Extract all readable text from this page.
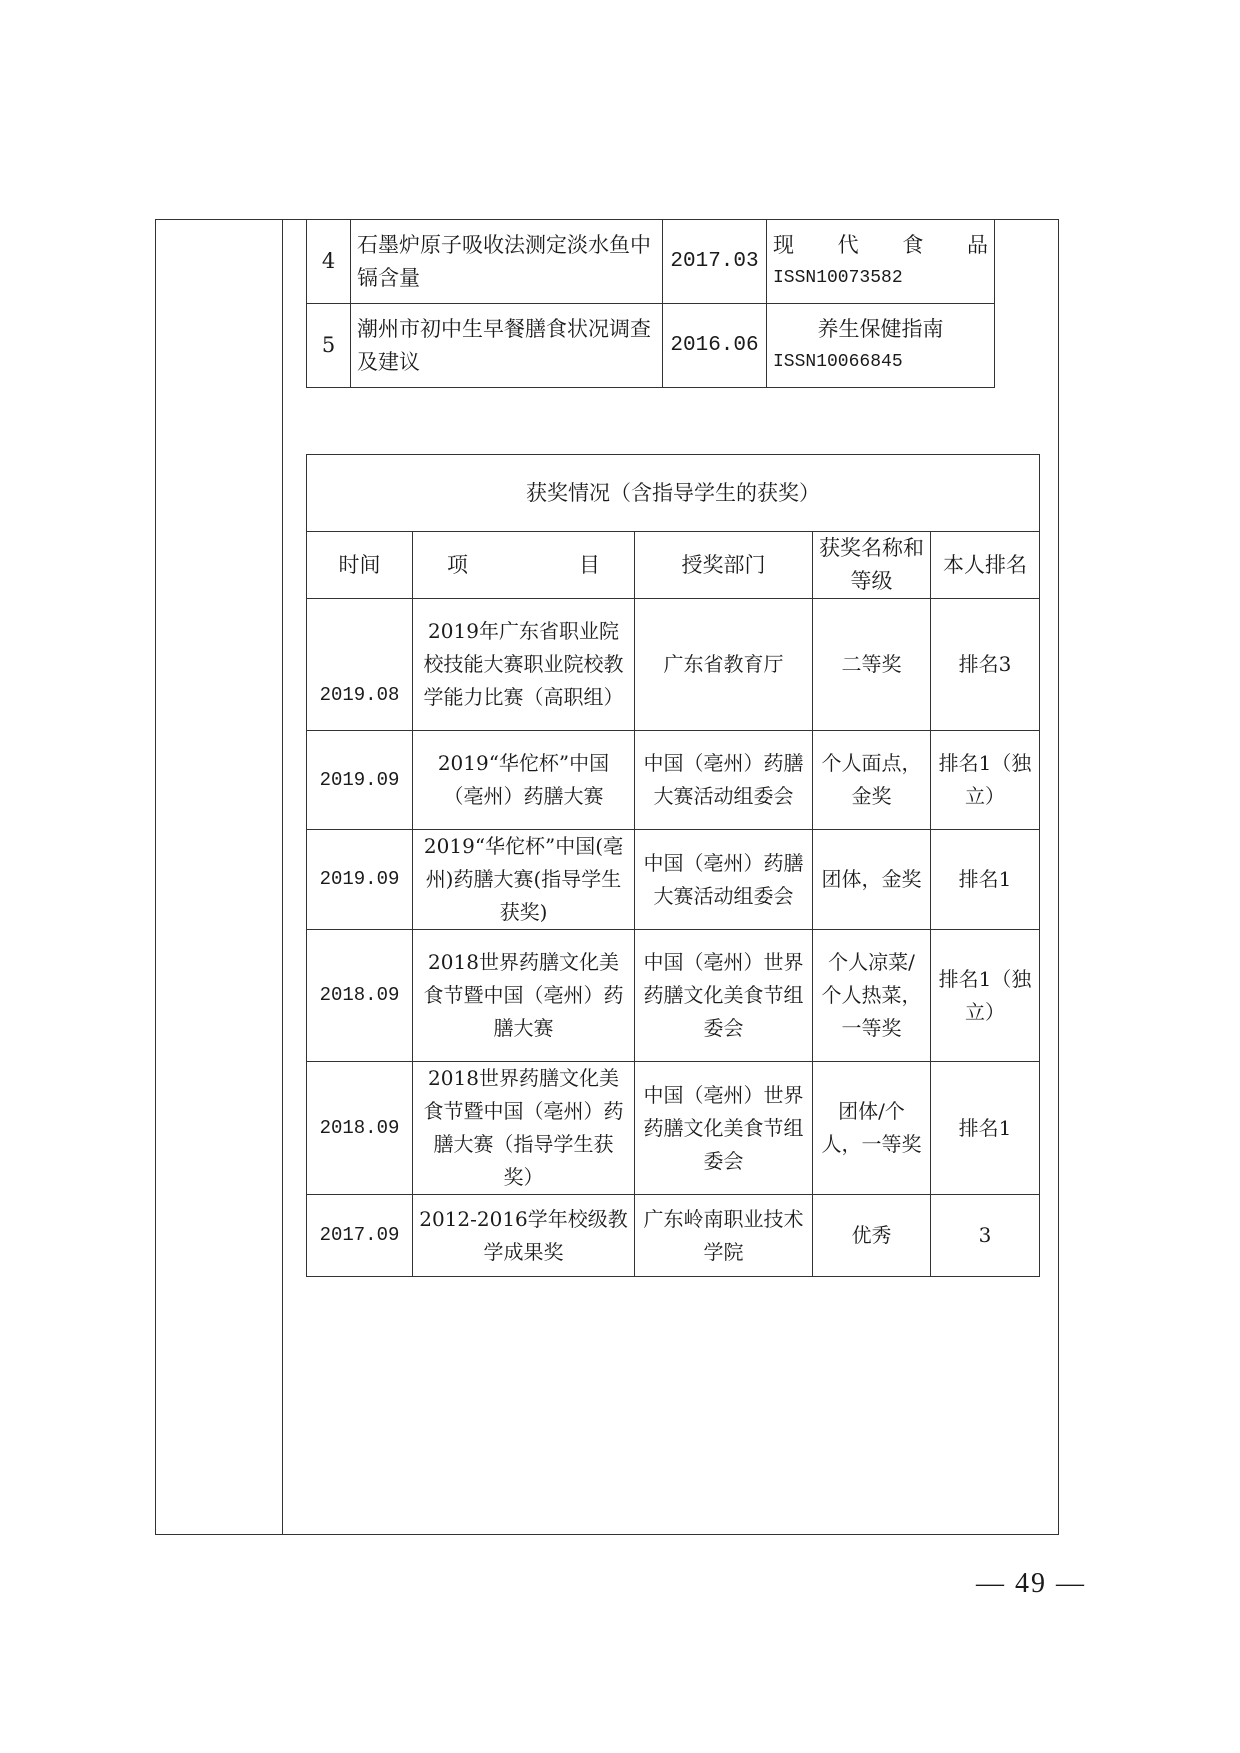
4	石墨炉原子吸收法测定淡水鱼中镉含量	2017.03	现 代 食 品
ISSN10073582

5	潮州市初中生早餐膳食状况调查及建议	2016.06	养生保健指南
ISSN10066845
获奖情况（含指导学生的获奖）				
时间	项 目	授奖部门	获奖名称和等级	本人排名
2019.08	2019年广东省职业院校技能大赛职业院校教学能力比赛（高职组）	广东省教育厅	二等奖	排名3
2019.09	2019“华佗杯”中国（亳州）药膳大赛	中国（亳州）药膳大赛活动组委会	个人面点，金奖	排名1（独立）
2019.09	2019“华佗杯”中国(亳州)药膳大赛(指导学生获奖)	中国（亳州）药膳大赛活动组委会	团体，金奖	排名1
2018.09	2018世界药膳文化美食节暨中国（亳州）药膳大赛	中国（亳州）世界药膳文化美食节组委会	个人凉菜/个人热菜，一等奖	排名1（独立）
2018.09	2018世界药膳文化美食节暨中国（亳州）药膳大赛（指导学生获奖）	中国（亳州）世界药膳文化美食节组委会	团体/个人，一等奖	排名1
2017.09	2012-2016学年校级教学成果奖	广东岭南职业技术学院	优秀	3
— 49 —
